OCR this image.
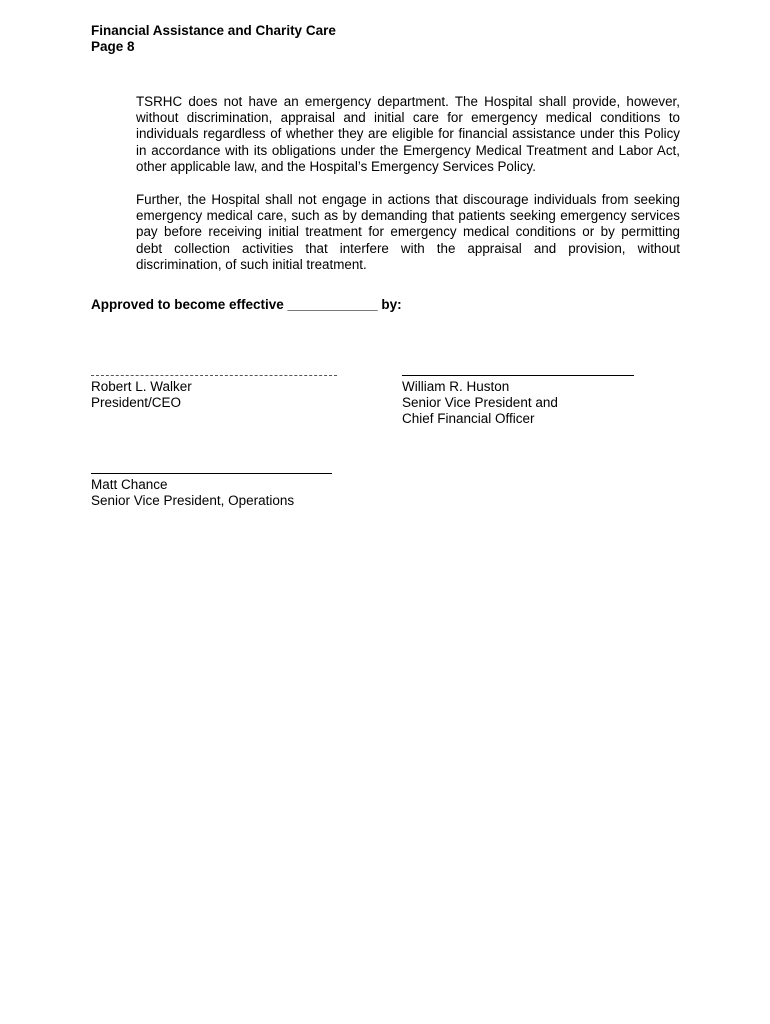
Financial Assistance and Charity Care
Page 8
TSRHC does not have an emergency department. The Hospital shall provide, however, without discrimination, appraisal and initial care for emergency medical conditions to individuals regardless of whether they are eligible for financial assistance under this Policy in accordance with its obligations under the Emergency Medical Treatment and Labor Act, other applicable law, and the Hospital’s Emergency Services Policy.
Further, the Hospital shall not engage in actions that discourage individuals from seeking emergency medical care, such as by demanding that patients seeking emergency services pay before receiving initial treatment for emergency medical conditions or by permitting debt collection activities that interfere with the appraisal and provision, without discrimination, of such initial treatment.
Approved to become effective ____________ by:
Robert L. Walker
President/CEO
William R. Huston
Senior Vice President and
Chief Financial Officer
Matt Chance
Senior Vice President, Operations
